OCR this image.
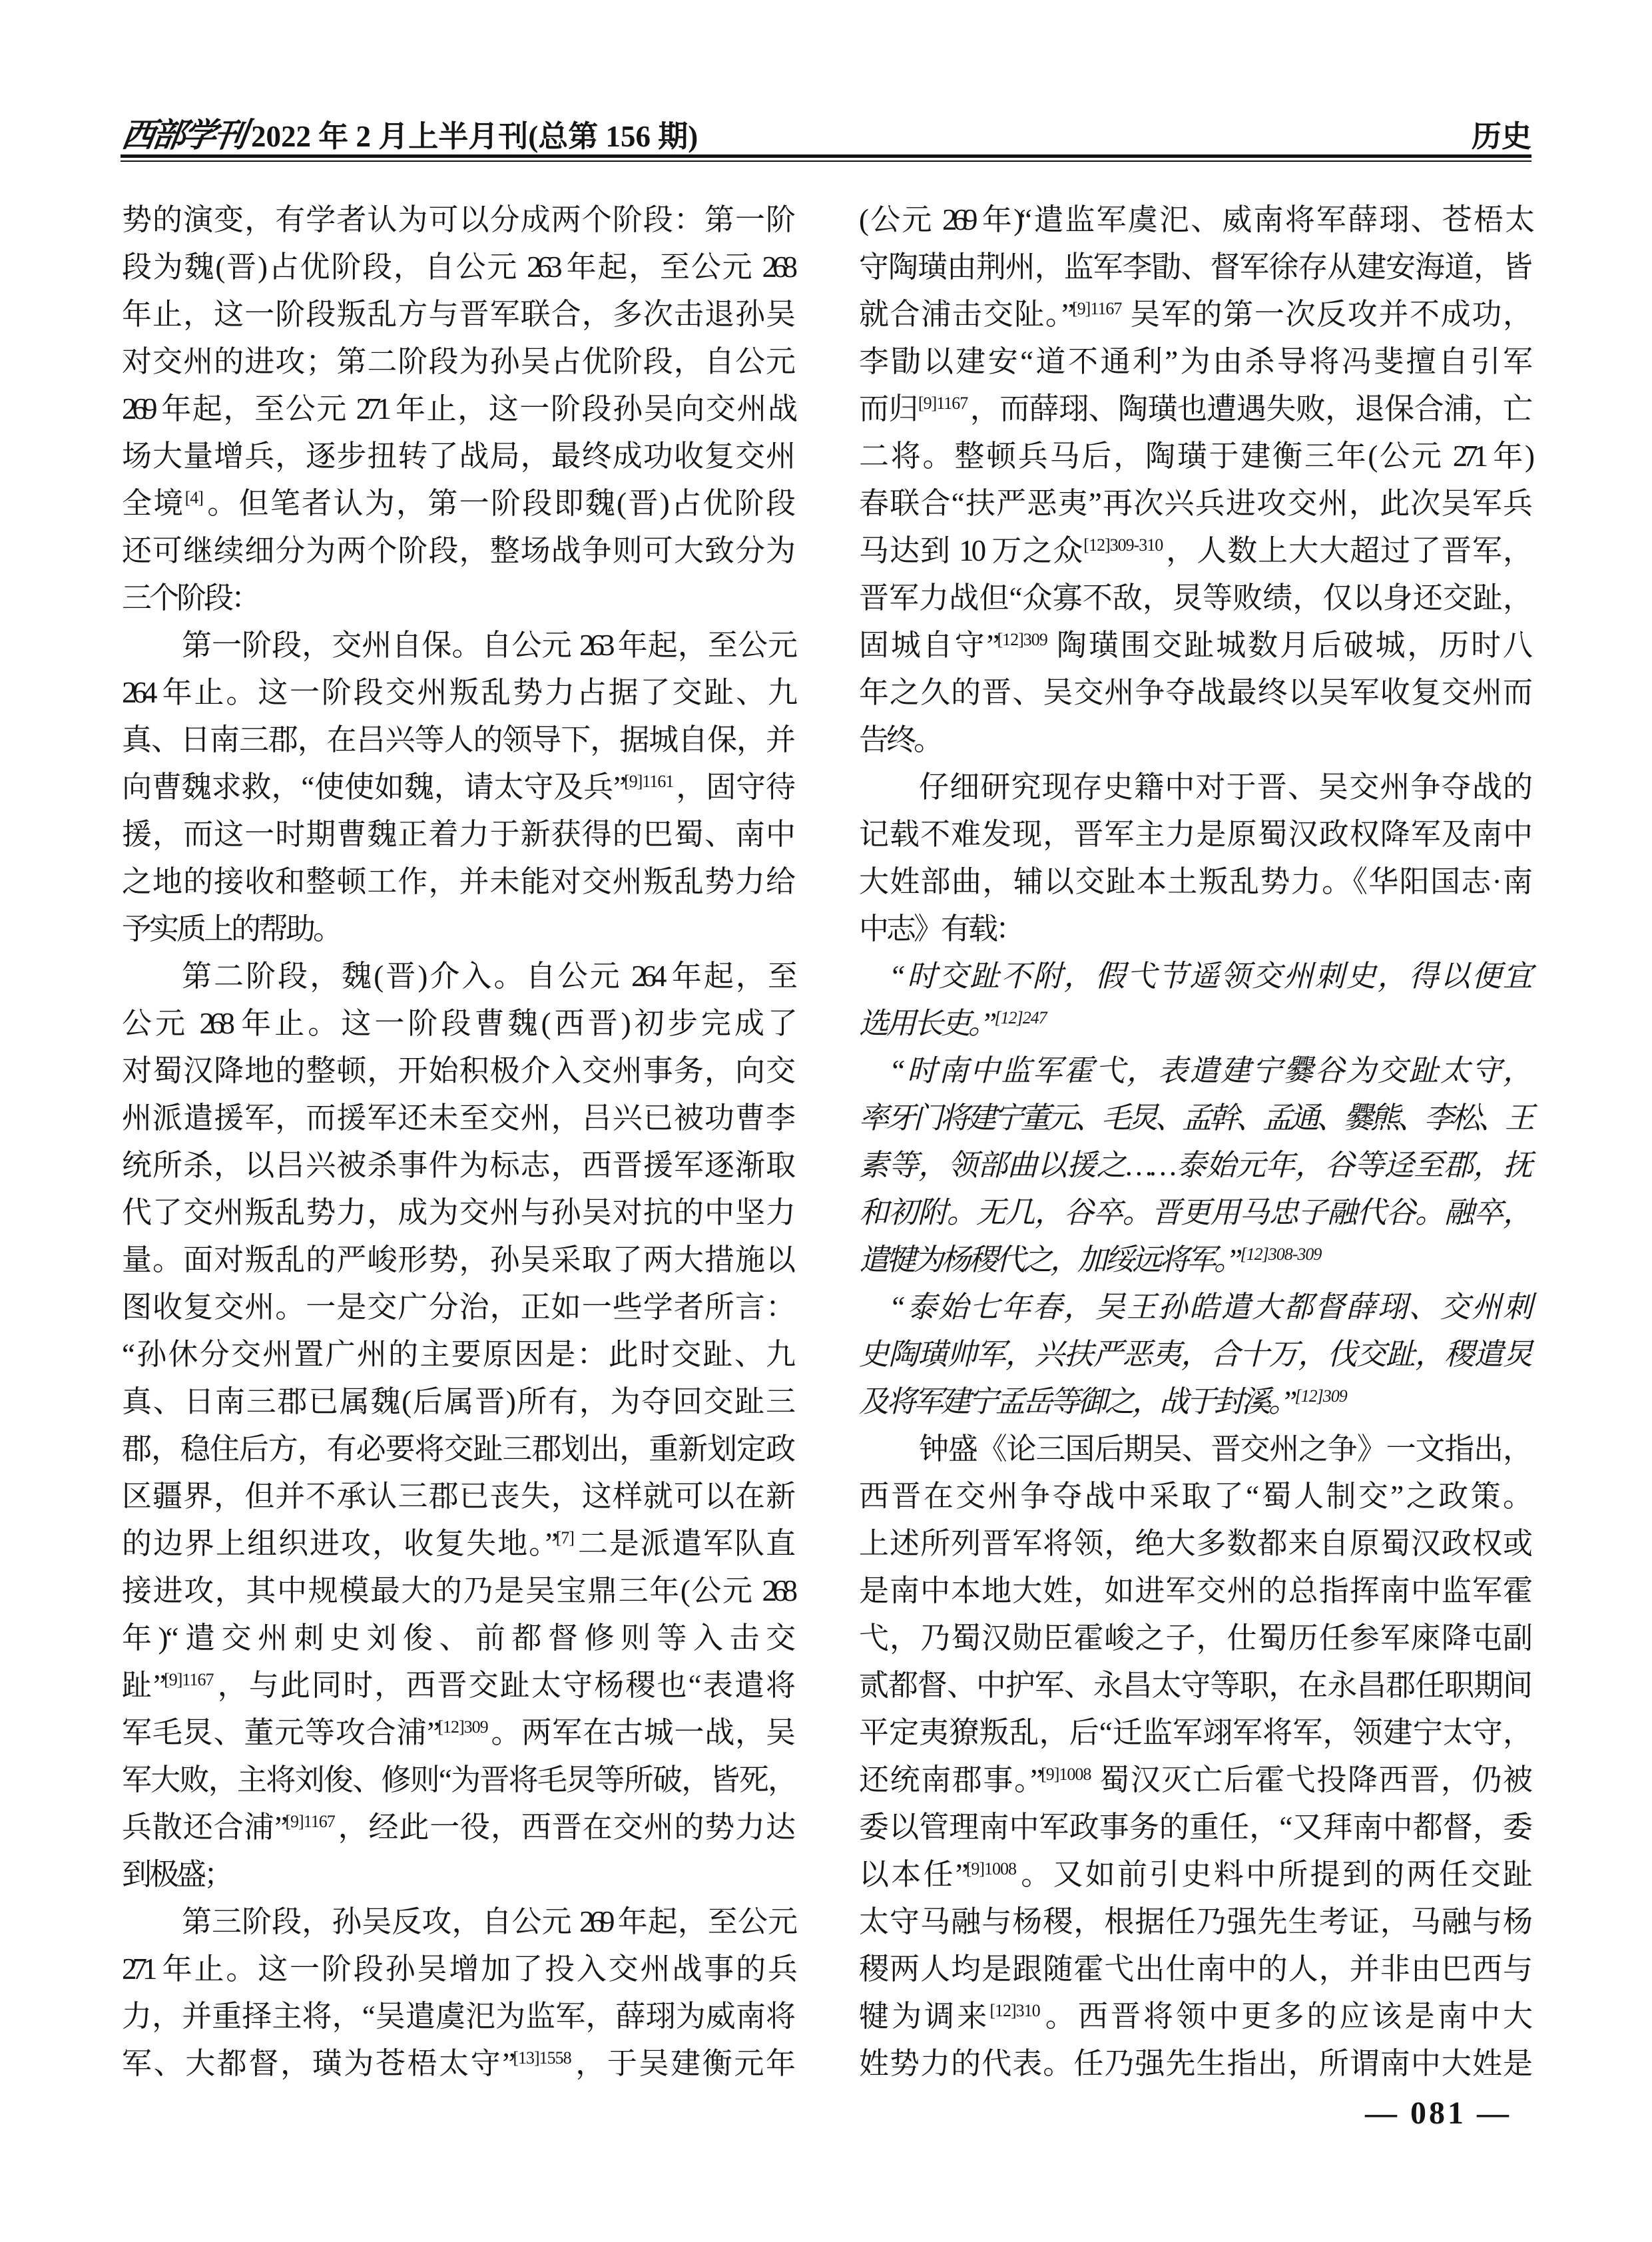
西部学刊 2022 年 2 月上半月刊(总第 156 期)	历史
势的演变，有学者认为可以分成两个阶段：第一阶
段为魏(晋)占优阶段，自公元 263 年起，至公元 268
年止，这一阶段叛乱方与晋军联合，多次击退孙吴
对交州的进攻；第二阶段为孙吴占优阶段，自公元
269 年起，至公元 271 年止，这一阶段孙吴向交州战
场大量增兵，逐步扭转了战局，最终成功收复交州
全境[4]。但笔者认为，第一阶段即魏(晋)占优阶段
还可继续细分为两个阶段，整场战争则可大致分为
三个阶段：
第一阶段，交州自保。自公元 263 年起，至公元
264 年止。这一阶段交州叛乱势力占据了交趾、九
真、日南三郡，在吕兴等人的领导下，据城自保，并
向曹魏求救，“使使如魏，请太守及兵”$^{[9]1161}$，固守待
援，而这一时期曹魏正着力于新获得的巴蜀、南中
之地的接收和整顿工作，并未能对交州叛乱势力给
予实质上的帮助。
第二阶段，魏(晋)介入。自公元 264 年起，至
公元 268 年止。这一阶段曹魏(西晋)初步完成了
对蜀汉降地的整顿，开始积极介入交州事务，向交
州派遣援军，而援军还未至交州，吕兴已被功曹李
统所杀，以吕兴被杀事件为标志，西晋援军逐渐取
代了交州叛乱势力，成为交州与孙吴对抗的中坚力
量。面对叛乱的严峻形势，孙吴采取了两大措施以
图收复交州。一是交广分治，正如一些学者所言：
“孙休分交州置广州的主要原因是：此时交趾、九
真、日南三郡已属魏(后属晋)所有，为夺回交趾三
郡，稳住后方，有必要将交趾三郡划出，重新划定政
区疆界，但并不承认三郡已丧失，这样就可以在新
的边界上组织进攻，收复失地。”[7]二是派遣军队直
接进攻，其中规模最大的乃是吴宝鼎三年(公元 268
年)“遣交州刺史刘俊、前都督修则等入击交
趾”$^{[9]1167}$，与此同时，西晋交趾太守杨稷也“表遣将
军毛炅、董元等攻合浦”$^{[12]309}$。两军在古城一战，吴
军大败，主将刘俊、修则“为晋将毛炅等所破，皆死，
兵散还合浦”$^{[9]1167}$，经此一役，西晋在交州的势力达
到极盛；
第三阶段，孙吴反攻，自公元 269 年起，至公元
271 年止。这一阶段孙吴增加了投入交州战事的兵
力，并重择主将，“吴遣虞汜为监军，薛珝为威南将
军、大都督，璜为苍梧太守”$^{[13]1558}$，于吴建衡元年
(公元 269 年)“遣监军虞汜、威南将军薛珝、苍梧太
守陶璜由荆州，监军李勖、督军徐存从建安海道，皆
就合浦击交阯。”$^{[9]1167}$ 吴军的第一次反攻并不成功，
李勖以建安“道不通利”为由杀导将冯斐擅自引军
而归$^{[9]1167}$，而薛珝、陶璜也遭遇失败，退保合浦，亡
二将。整顿兵马后，陶璜于建衡三年(公元 271 年)
春联合“扶严恶夷”再次兴兵进攻交州，此次吴军兵
马达到 10 万之众$^{[12]309-310}$，人数上大大超过了晋军，
晋军力战但“众寡不敌，炅等败绩，仅以身还交趾，
固城自守”$^{[12]309}$ 陶璜围交趾城数月后破城，历时八
年之久的晋、吴交州争夺战最终以吴军收复交州而
告终。
仔细研究现存史籍中对于晋、吴交州争夺战的
记载不难发现，晋军主力是原蜀汉政权降军及南中
大姓部曲，辅以交趾本土叛乱势力。《华阳国志·南
中志》有载：
“时交趾不附，假弋节遥领交州刺史，得以便宜
选用长吏。”$^{[12]247}$
“时南中监军霍弋，表遣建宁爨谷为交趾太守，
率牙门将建宁董元、毛炅、孟幹、孟通、爨熊、李松、王
素等，领部曲以援之……泰始元年，谷等迳至郡，抚
和初附。无几，谷卒。晋更用马忠子融代谷。融卒，
遣犍为杨稷代之，加绥远将军。”$^{[12]308-309}$
“泰始七年春，吴王孙皓遣大都督薛珝、交州刺
史陶璜帅军，兴扶严恶夷，合十万，伐交趾，稷遣炅
及将军建宁孟岳等御之，战于封溪。”$^{[12]309}$
钟盛《论三国后期吴、晋交州之争》一文指出，
西晋在交州争夺战中采取了“蜀人制交”之政策。
上述所列晋军将领，绝大多数都来自原蜀汉政权或
是南中本地大姓，如进军交州的总指挥南中监军霍
弋，乃蜀汉勋臣霍峻之子，仕蜀历任参军庲降屯副
贰都督、中护军、永昌太守等职，在永昌郡任职期间
平定夷獠叛乱，后“迁监军翊军将军，领建宁太守，
还统南郡事。”$^{[9]1008}$ 蜀汉灭亡后霍弋投降西晋，仍被
委以管理南中军政事务的重任，“又拜南中都督，委
以本任”$^{[9]1008}$。又如前引史料中所提到的两任交趾
太守马融与杨稷，根据任乃强先生考证，马融与杨
稷两人均是跟随霍弋出仕南中的人，并非由巴西与
犍为调来$^{[12]310}$。西晋将领中更多的应该是南中大
姓势力的代表。任乃强先生指出，所谓南中大姓是
— 081 —
